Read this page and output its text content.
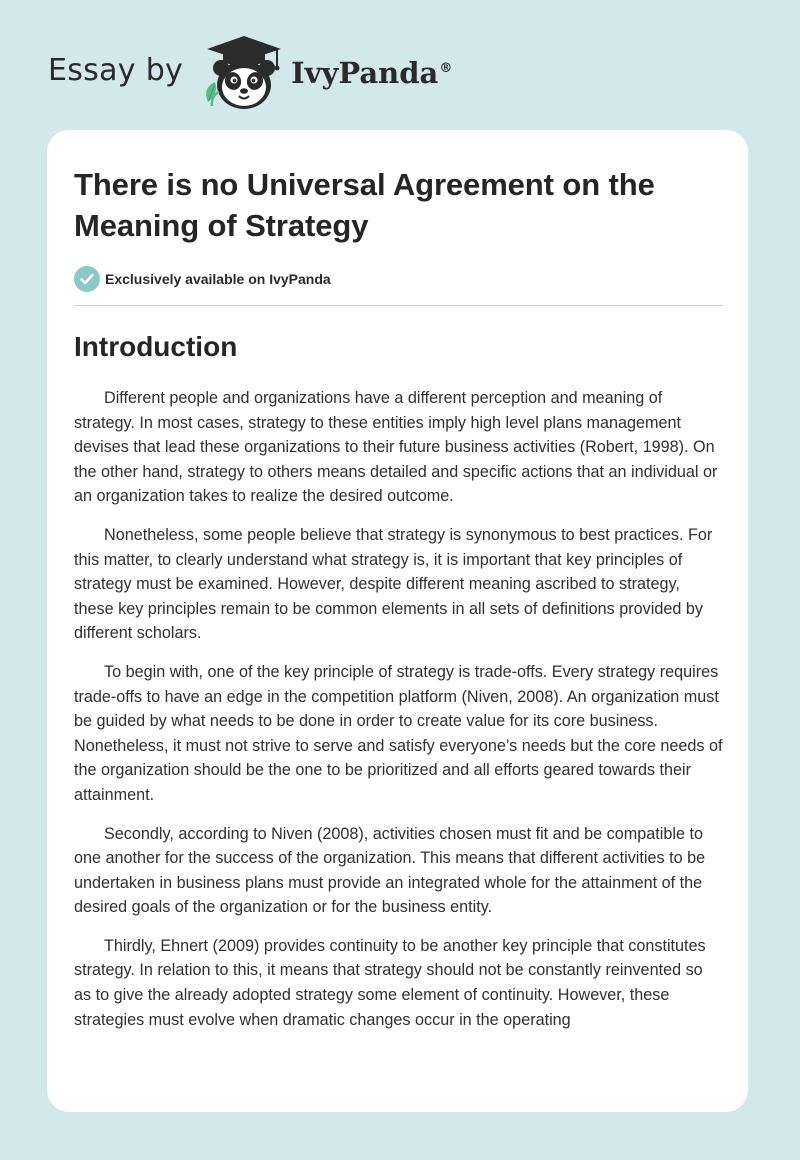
Essay by	IvyPanda®
There is no Universal Agreement on the Meaning of Strategy
Exclusively available on IvyPanda
Introduction

Different people and organizations have a different perception and meaning of strategy. In most cases, strategy to these entities imply high level plans management devises that lead these organizations to their future business activities (Robert, 1998). On the other hand, strategy to others means detailed and specific actions that an individual or an organization takes to realize the desired outcome.

Nonetheless, some people believe that strategy is synonymous to best practices. For this matter, to clearly understand what strategy is, it is important that key principles of strategy must be examined. However, despite different meaning ascribed to strategy, these key principles remain to be common elements in all sets of definitions provided by different scholars.

To begin with, one of the key principle of strategy is trade-offs. Every strategy requires trade-offs to have an edge in the competition platform (Niven, 2008). An organization must be guided by what needs to be done in order to create value for its core business. Nonetheless, it must not strive to serve and satisfy everyone’s needs but the core needs of the organization should be the one to be prioritized and all efforts geared towards their attainment.

Secondly, according to Niven (2008), activities chosen must fit and be compatible to one another for the success of the organization. This means that different activities to be undertaken in business plans must provide an integrated whole for the attainment of the desired goals of the organization or for the business entity.

Thirdly, Ehnert (2009) provides continuity to be another key principle that constitutes strategy. In relation to this, it means that strategy should not be constantly reinvented so as to give the already adopted strategy some element of continuity. However, these strategies must evolve when dramatic changes occur in the operating
